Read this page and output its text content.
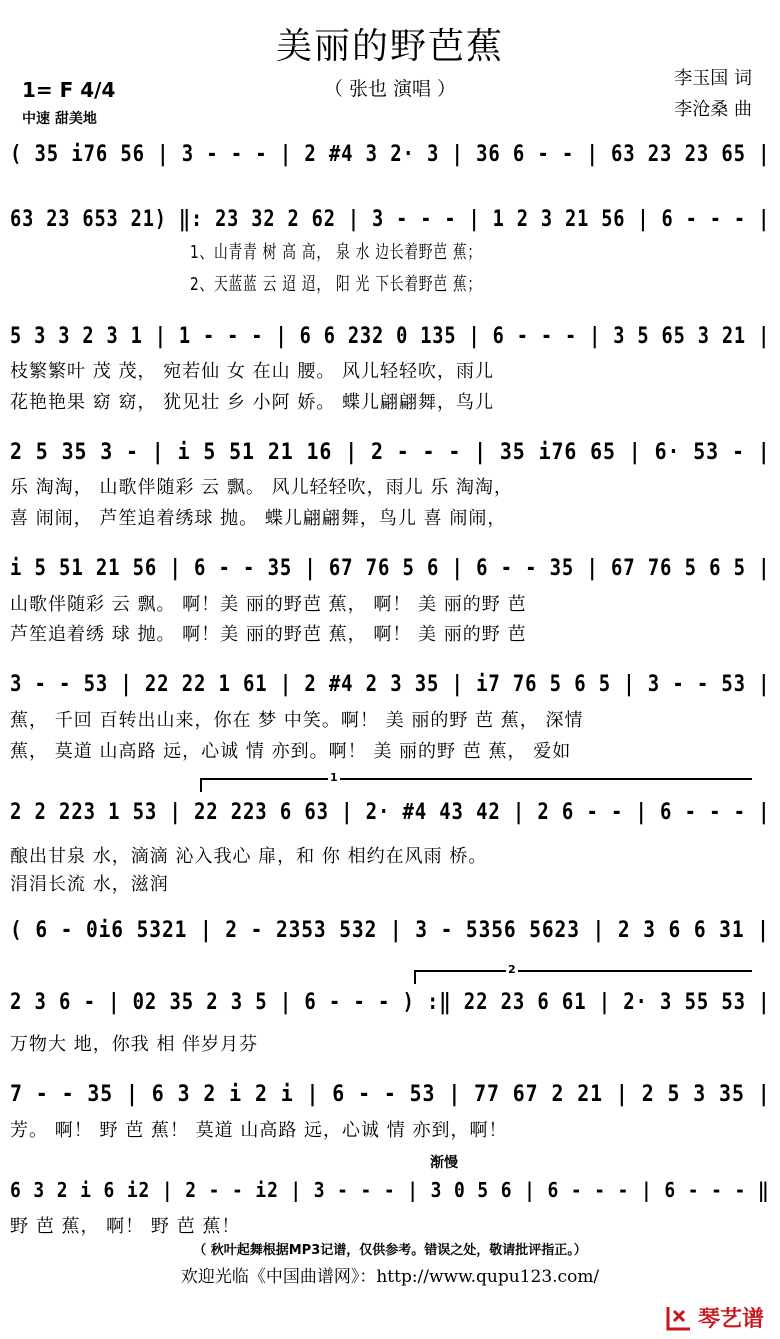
美丽的野芭蕉
（ 张也 演唱 ）
1= F 4/4
中速 甜美地
李玉国 词
李沧桑 曲
( 35 i76 56 | 3 - - - | 2 #4 3 2· 3 | 36 6 - - | 63 23 23 65 |
63 23 653 21) ‖: 23 32 2 62 | 3 - - - | 1 2 3 21 56 | 6 - - - |
1、山青青 树 高 高， 泉 水 边长着野芭 蕉；
2、天蓝蓝 云 迢 迢， 阳 光 下长着野芭 蕉；
5 3 3 2 3 1 | 1 - - - | 6 6 232 0 135 | 6 - - - | 3 5 65 3 21 |
枝繁繁叶 茂 茂， 宛若仙 女 在山 腰。 风儿轻轻吹，雨儿
花艳艳果 窈 窈， 犹见壮 乡 小阿 娇。 蝶儿翩翩舞，鸟儿
2 5 35 3 - | i 5 51 21 16 | 2 - - - | 35 i76 65 | 6· 53 - |
乐 淘淘， 山歌伴随彩 云 飘。 风儿轻轻吹，雨儿 乐 淘淘，
喜 闹闹， 芦笙追着绣球 抛。 蝶儿翩翩舞，鸟儿 喜 闹闹，
i 5 51 21 56 | 6 - - 35 | 67 76 5 6 | 6 - - 35 | 67 76 5 6 5 |
山歌伴随彩 云 飘。 啊！美 丽的野芭 蕉， 啊！ 美 丽的野 芭
芦笙追着绣 球 抛。 啊！美 丽的野芭 蕉， 啊！ 美 丽的野 芭
3 - - 53 | 22 22 1 61 | 2 #4 2 3 35 | i7 76 5 6 5 | 3 - - 53 |
蕉， 千回 百转出山来，你在 梦 中笑。啊！ 美 丽的野 芭 蕉， 深情
蕉， 莫道 山高路 远，心诚 情 亦到。啊！ 美 丽的野 芭 蕉， 爱如
1
2 2 223 1 53 | 22 223 6 63 | 2· #4 43 42 | 2 6 - - | 6 - - - |
酿出甘泉 水，滴滴 沁入我心 扉，和 你 相约在风雨 桥。
涓涓长流 水，滋润
( 6 - 0i6 5321 | 2 - 2353 532 | 3 - 5356 5623 | 2 3 6 6 31 |
2
2 3 6 - | 02 35 2 3 5 | 6 - - - ) :‖ 22 23 6 61 | 2· 3 55 53 |
万物大 地，你我 相 伴岁月芬
7 - - 35 | 6 3 2 i 2 i | 6 - - 53 | 77 67 2 21 | 2 5 3 35 |
芳。 啊！ 野 芭 蕉！ 莫道 山高路 远，心诚 情 亦到，啊！
渐慢
6 3 2 i 6 i2 | 2 - - i2 | 3 - - - | 3 0 5 6 | 6 - - - | 6 - - - ‖
野 芭 蕉， 啊！ 野 芭 蕉！
（ 秋叶起舞根据MP3记谱，仅供参考。错误之处，敬请批评指正。）
欢迎光临《中国曲谱网》：http://www.qupu123.com/
琴艺谱
